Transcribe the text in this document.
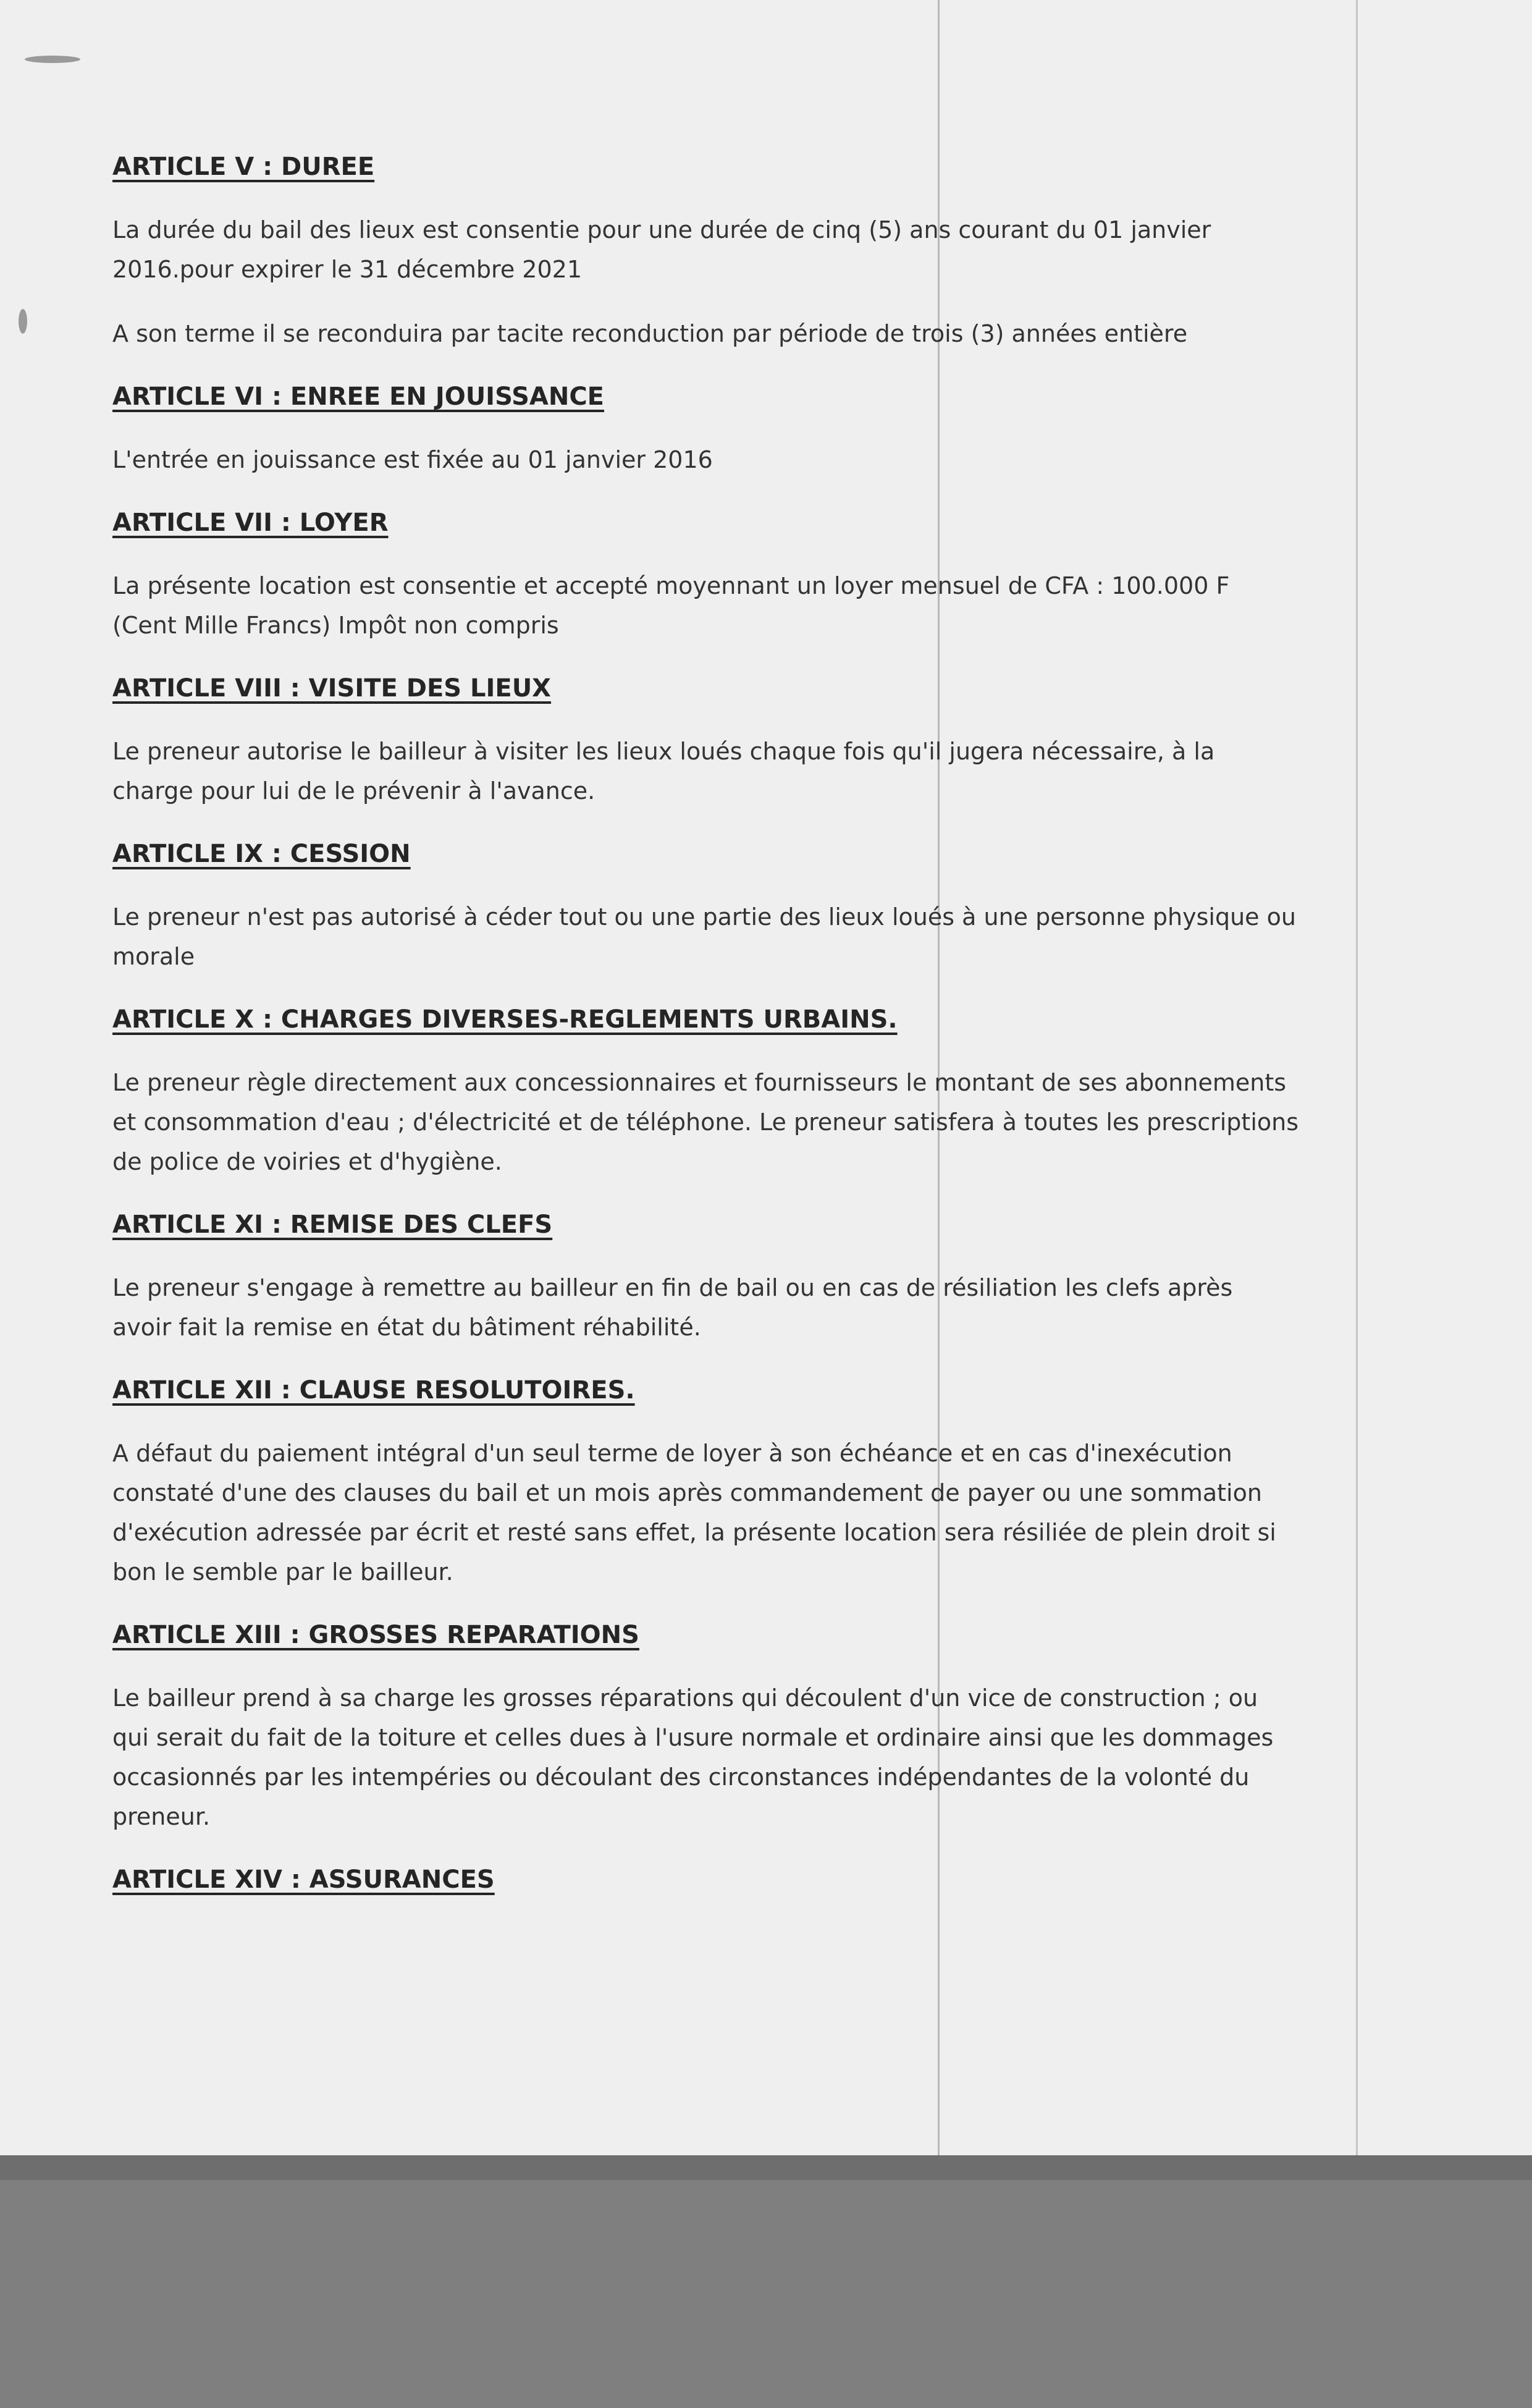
ARTICLE V : DUREE

La durée du bail des lieux est consentie pour une durée de cinq (5) ans courant du 01 janvier 2016.pour expirer le 31 décembre 2021

A son terme il se reconduira par tacite reconduction par période de trois (3) années entière

ARTICLE VI : ENREE EN JOUISSANCE

L'entrée en jouissance est fixée au 01 janvier 2016

ARTICLE VII : LOYER

La présente location est consentie et accepté moyennant un loyer mensuel de CFA : 100.000 F (Cent Mille Francs) Impôt non compris

ARTICLE VIII : VISITE DES LIEUX

Le preneur autorise le bailleur à visiter les lieux loués chaque fois qu'il jugera nécessaire, à la charge pour lui de le prévenir à l'avance.

ARTICLE IX : CESSION

Le preneur n'est pas autorisé à céder tout ou une partie des lieux loués à une personne physique ou morale

ARTICLE X : CHARGES DIVERSES-REGLEMENTS URBAINS.

Le preneur règle directement aux concessionnaires et fournisseurs le montant de ses abonnements et consommation d'eau ; d'électricité et de téléphone. Le preneur satisfera à toutes les prescriptions de police de voiries et d'hygiène.

ARTICLE XI : REMISE DES CLEFS

Le preneur s'engage à remettre au bailleur en fin de bail ou en cas de résiliation les clefs après avoir fait la remise en état du bâtiment réhabilité.

ARTICLE XII : CLAUSE RESOLUTOIRES.

A défaut du paiement intégral d'un seul terme de loyer à son échéance et en cas d'inexécution constaté d'une des clauses du bail et un mois après commandement de payer ou une sommation d'exécution adressée par écrit et resté sans effet, la présente location sera résiliée de plein droit si bon le semble par le bailleur.

ARTICLE XIII : GROSSES REPARATIONS

Le bailleur prend à sa charge les grosses réparations qui découlent d'un vice de construction ; ou qui serait du fait de la toiture et celles dues à l'usure normale et ordinaire ainsi que les dommages occasionnés par les intempéries ou découlant des circonstances indépendantes de la volonté du preneur.

ARTICLE XIV : ASSURANCES
